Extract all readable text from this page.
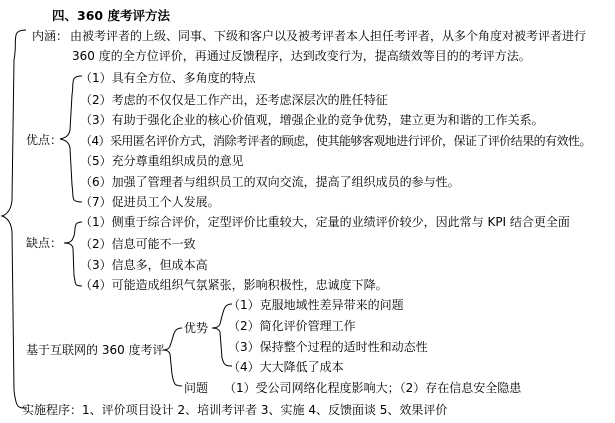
四、360 度考评方法
内涵： 由被考评者的上级、同事、下级和客户以及被考评者本人担任考评者，从多个角度对被考评者进行
360 度的全方位评价，再通过反馈程序，达到改变行为，提高绩效等目的的考评方法。
优点：
（1）具有全方位、多角度的特点
（2）考虑的不仅仅是工作产出，还考虑深层次的胜任特征
（3）有助于强化企业的核心价值观，增强企业的竞争优势，建立更为和谐的工作关系。
（4）采用匿名评价方式，消除考评者的顾虑，使其能够客观地进行评价，保证了评价结果的有效性。
（5）充分尊重组织成员的意见
（6）加强了管理者与组织员工的双向交流，提高了组织成员的参与性。
（7）促进员工个人发展。
缺点：
（1）侧重于综合评价，定型评价比重较大，定量的业绩评价较少，因此常与 KPI 结合更全面
（2）信息可能不一致
（3）信息多，但成本高
（4）可能造成组织气氛紧张，影响积极性，忠诚度下降。
基于互联网的 360 度考评
优势
（1）克服地域性差异带来的问题
（2）简化评价管理工作
（3）保持整个过程的适时性和动态性
（4）大大降低了成本
问题 （1）受公司网络化程度影响大；（2）存在信息安全隐患
实施程序：1、评价项目设计 2、培训考评者 3、实施 4、反馈面谈 5、效果评价
